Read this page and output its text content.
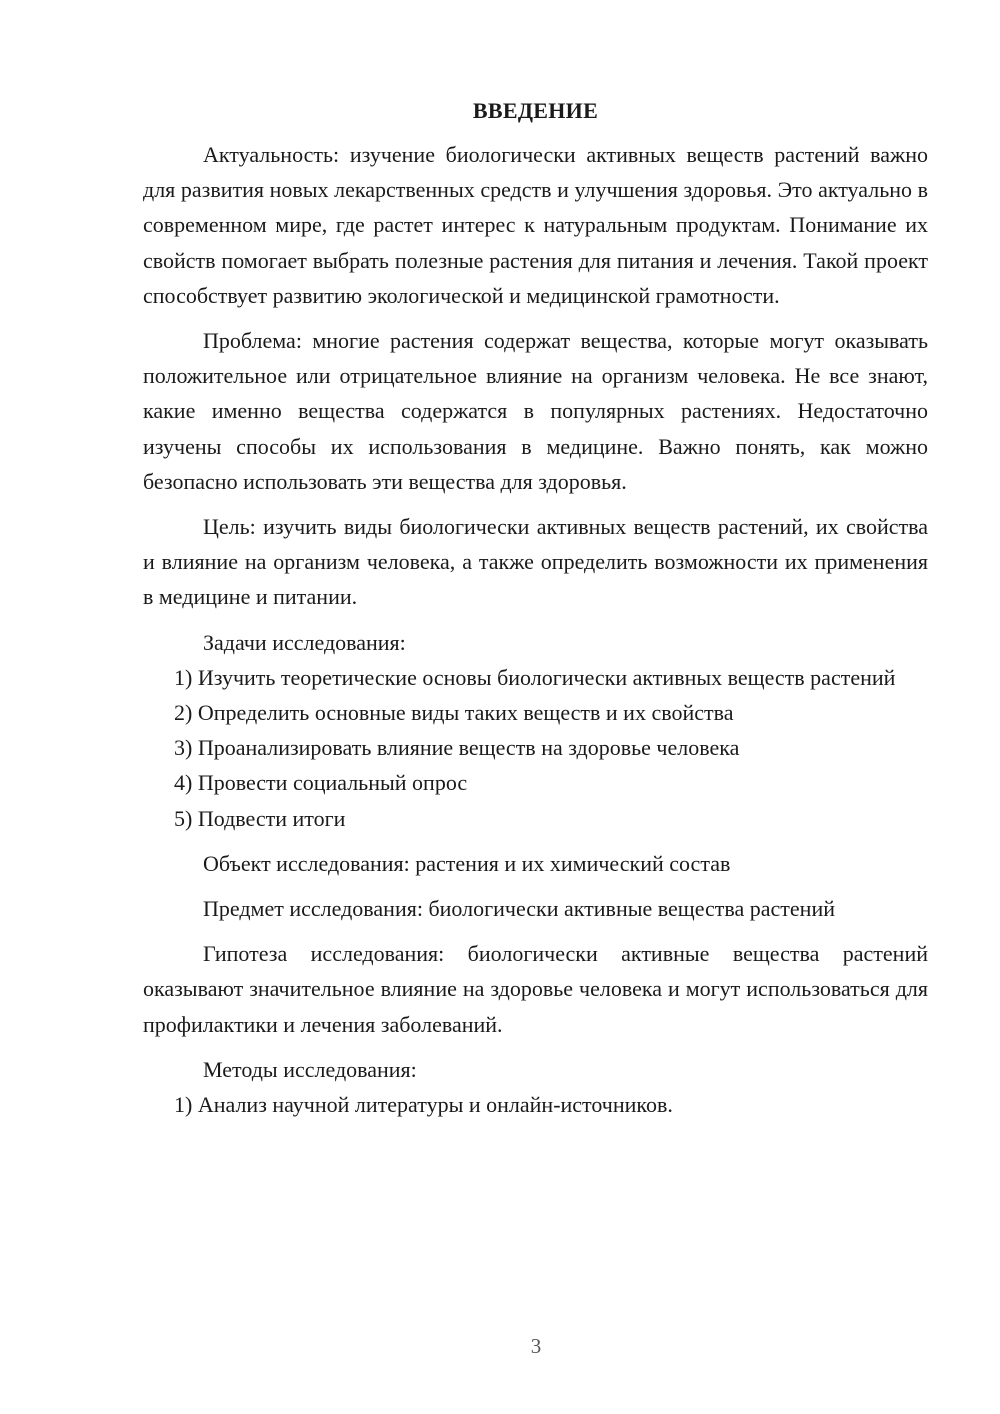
ВВЕДЕНИЕ

Актуальность: изучение биологически активных веществ растений важно для развития новых лекарственных средств и улучшения здоровья. Это актуально в современном мире, где растет интерес к натуральным продуктам. Понимание их свойств помогает выбрать полезные растения для питания и лечения. Такой проект способствует развитию экологической и медицинской грамотности.

Проблема: многие растения содержат вещества, которые могут оказывать положительное или отрицательное влияние на организм человека. Не все знают, какие именно вещества содержатся в популярных растениях. Недостаточно изучены способы их использования в медицине. Важно понять, как можно безопасно использовать эти вещества для здоровья.

Цель: изучить виды биологически активных веществ растений, их свойства и влияние на организм человека, а также определить возможности их применения в медицине и питании.

Задачи исследования:

1) Изучить теоретические основы биологически активных веществ растений

2) Определить основные виды таких веществ и их свойства

3) Проанализировать влияние веществ на здоровье человека

4) Провести социальный опрос

5) Подвести итоги

Объект исследования: растения и их химический состав

Предмет исследования: биологически активные вещества растений

Гипотеза исследования: биологически активные вещества растений оказывают значительное влияние на здоровье человека и могут использоваться для профилактики и лечения заболеваний.

Методы исследования:

1) Анализ научной литературы и онлайн-источников.

3
